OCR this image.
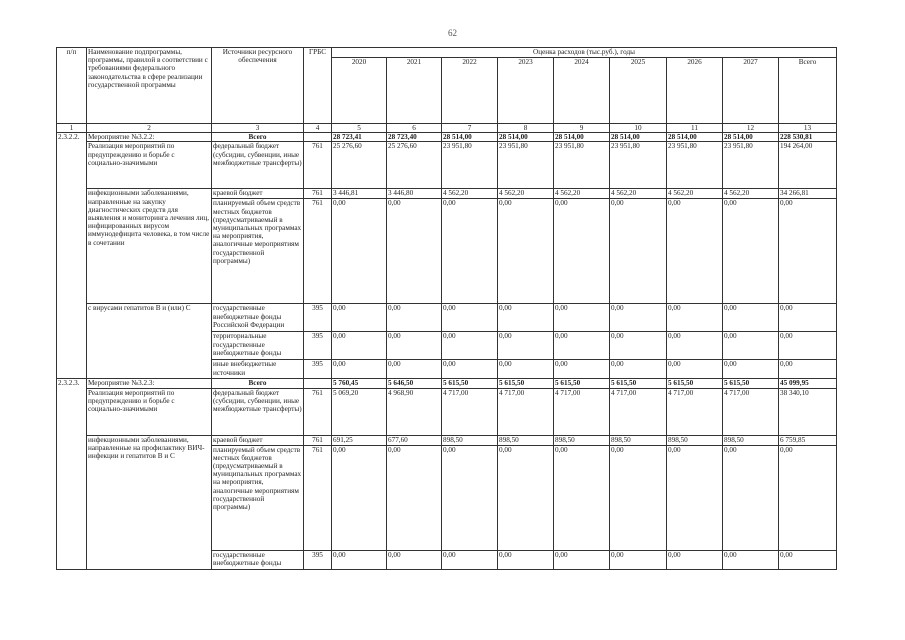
62
п/п	Наименование подпрограммы, программы, правилой в соответствии с требованиями федерального законодательства в сфере реализации государственной программы	Источники ресурсного обеспечения	ГРБС	Оценка расходов (тыс.руб.), годы								
				2020	2021	2022	2023	2024	2025	2026	2027	Всего
1	2	3	4	5	6	7	8	9	10	11	12	13
2.3.2.2.	Мероприятие №3.2.2:	Всего		28 723,41	28 723,40	28 514,00	28 514,00	28 514,00	28 514,00	28 514,00	28 514,00	228 530,81
	Реализация мероприятий по предупреждению и борьбе с социально-значимыми	федеральный бюджет (субсидии, субвенции, иные межбюджетные трансферты)	761	25 276,60	25 276,60	23 951,80	23 951,80	23 951,80	23 951,80	23 951,80	23 951,80	194 264,00
	инфекционными заболеваниями, направленные на закупку диагностических средств для выявления и мониторинга лечения лиц, инфицированных вирусом иммунодефицита человека, в том числе в сочетании	краевой бюджет	761	3 446,81	3 446,80	4 562,20	4 562,20	4 562,20	4 562,20	4 562,20	4 562,20	34 266,81
		планируемый объем средств местных бюджетов (предусматриваемый в муниципальных программах на мероприятия, аналогичные мероприятиям государственной программы)	761	0,00	0,00	0,00	0,00	0,00	0,00	0,00	0,00	0,00
	с вирусами гепатитов В и (или) С	государственные внебюджетные фонды Российской Федерации	395	0,00	0,00	0,00	0,00	0,00	0,00	0,00	0,00	0,00
		территориальные государственные внебюджетные фонды	395	0,00	0,00	0,00	0,00	0,00	0,00	0,00	0,00	0,00
		иные внебюджетные источники	395	0,00	0,00	0,00	0,00	0,00	0,00	0,00	0,00	0,00
2.3.2.3.	Мероприятие №3.2.3:	Всего		5 760,45	5 646,50	5 615,50	5 615,50	5 615,50	5 615,50	5 615,50	5 615,50	45 099,95
	Реализация мероприятий по предупреждению и борьбе с социально-значимыми	федеральный бюджет (субсидии, субвенции, иные межбюджетные трансферты)	761	5 069,20	4 968,90	4 717,00	4 717,00	4 717,00	4 717,00	4 717,00	4 717,00	38 340,10
	инфекционными заболеваниями, направленные на профилактику ВИЧ-инфекции и гепатитов В и С	краевой бюджет	761	691,25	677,60	898,50	898,50	898,50	898,50	898,50	898,50	6 759,85
		планируемый объем средств местных бюджетов (предусматриваемый в муниципальных программах на мероприятия, аналогичные мероприятиям государственной программы)	761	0,00	0,00	0,00	0,00	0,00	0,00	0,00	0,00	0,00
		государственные внебюджетные фонды	395	0,00	0,00	0,00	0,00	0,00	0,00	0,00	0,00	0,00
